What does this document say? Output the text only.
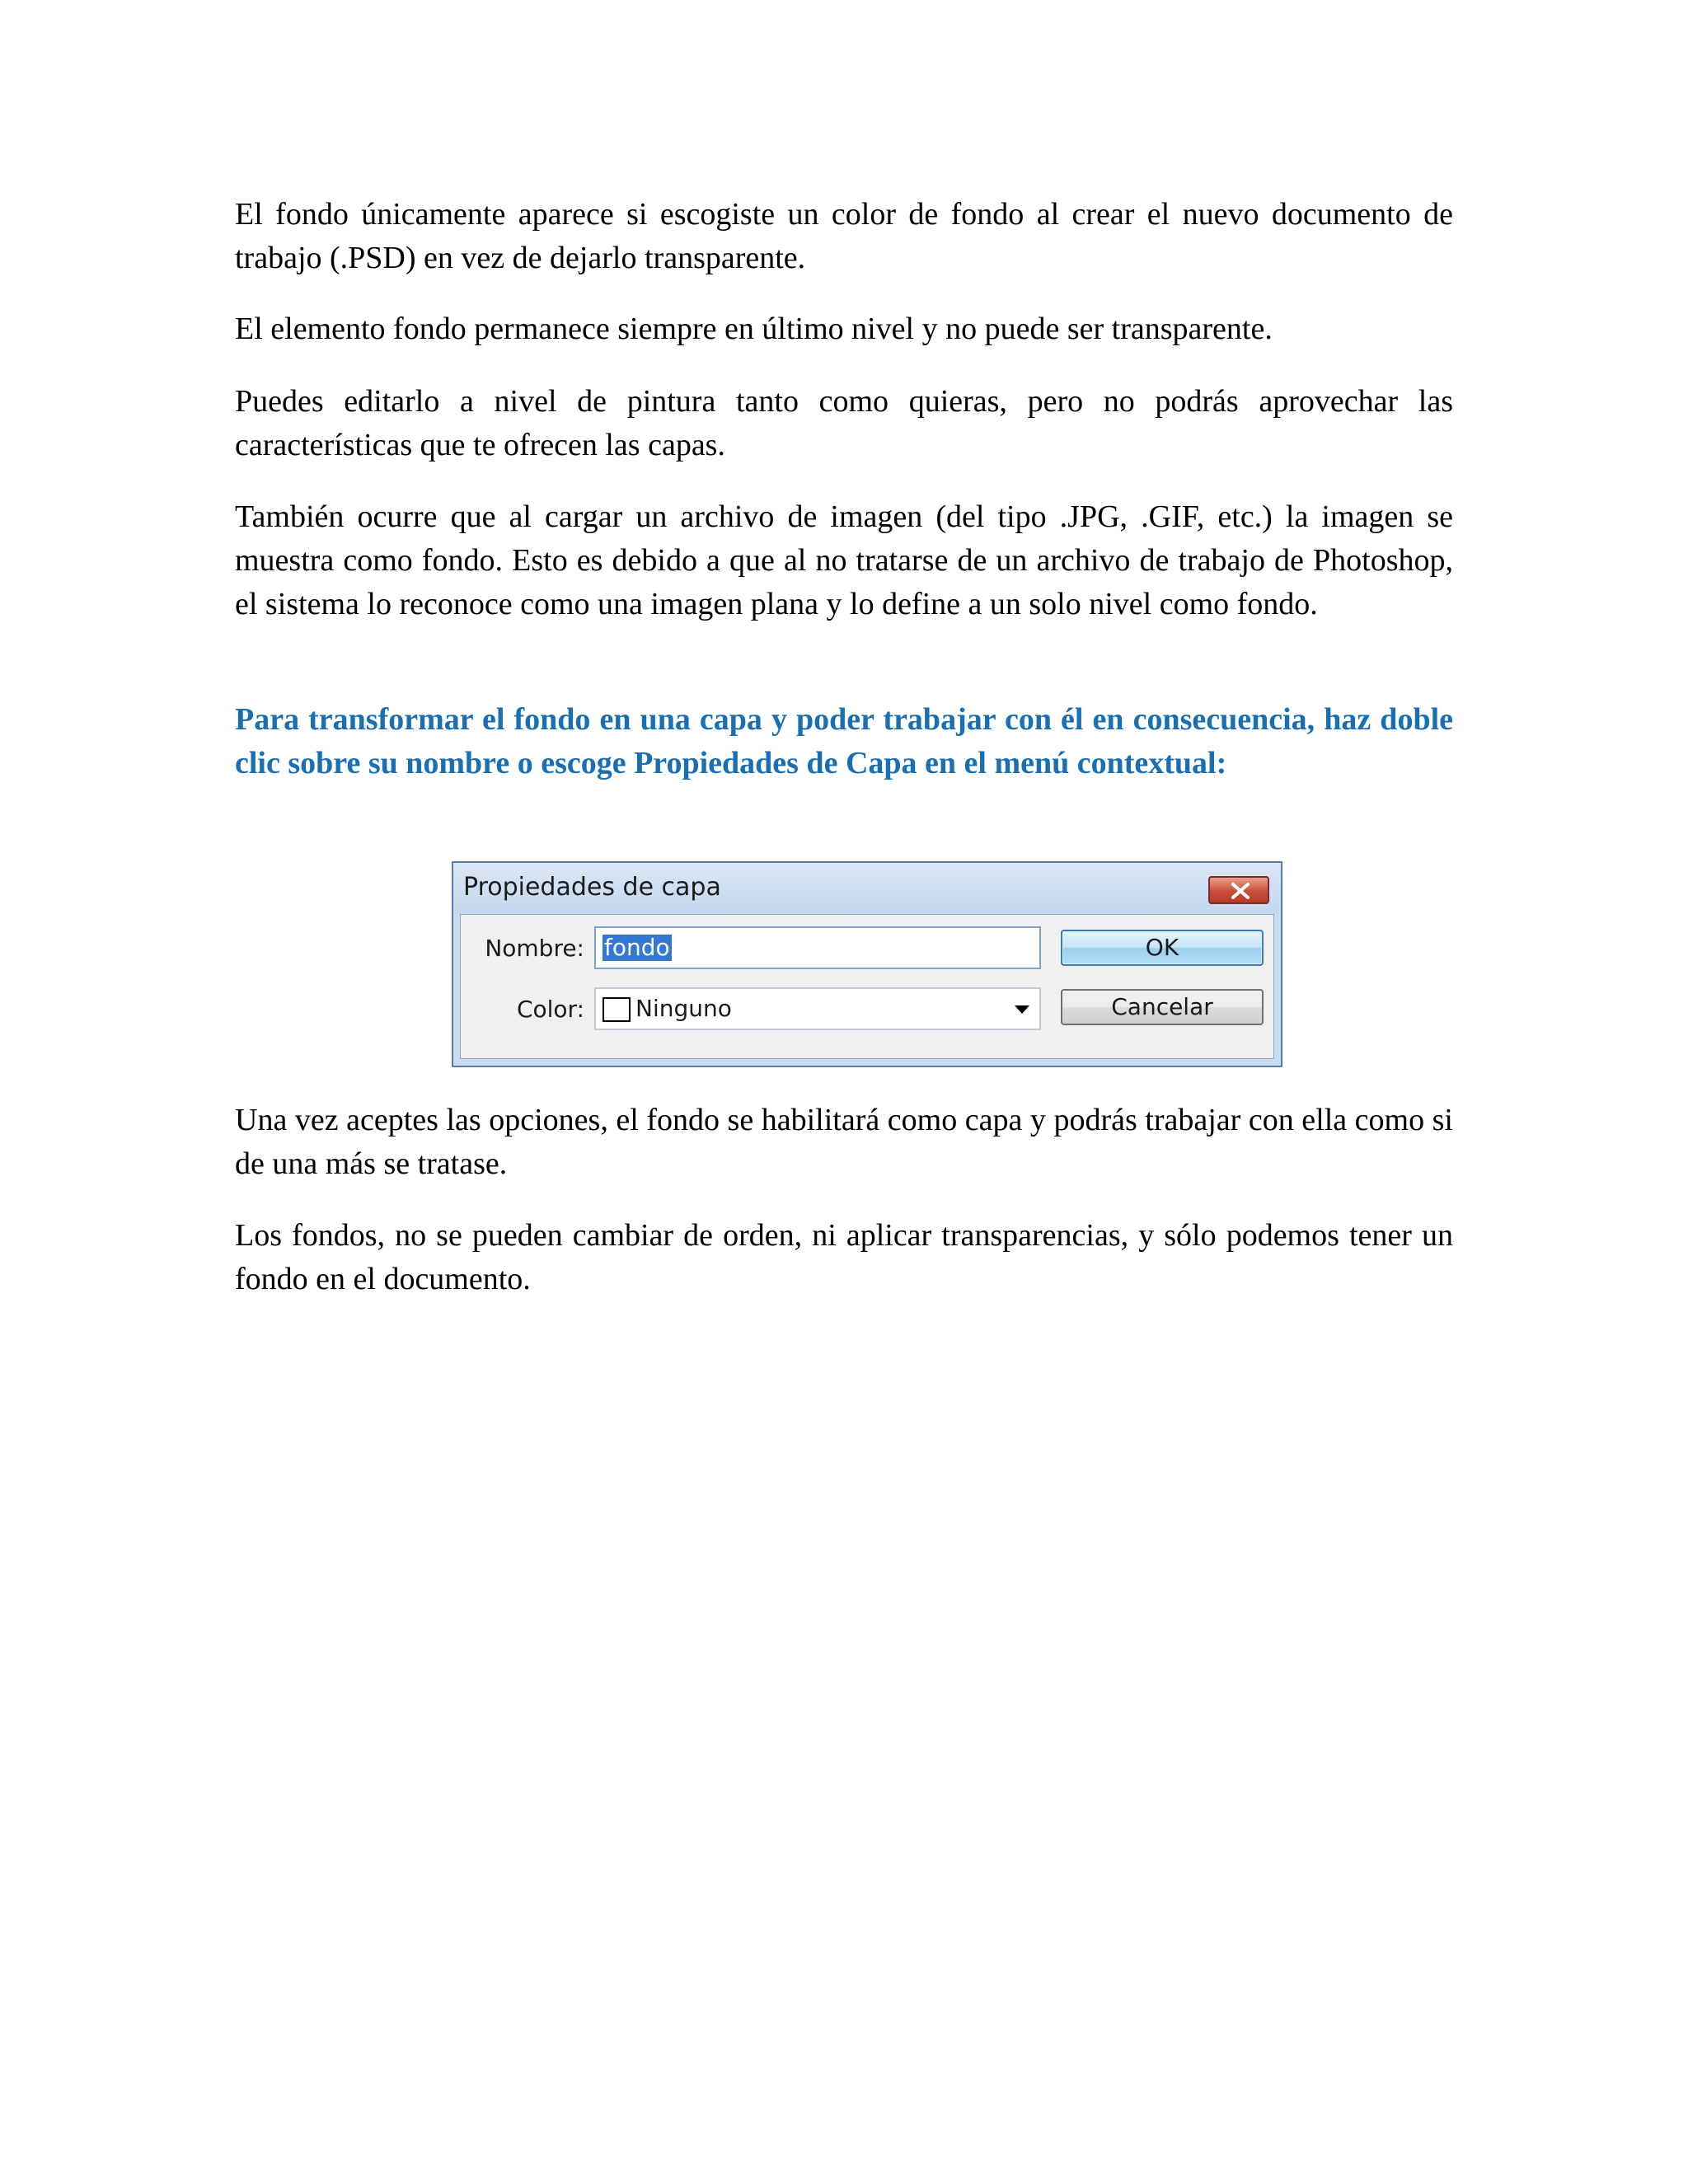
El fondo únicamente aparece si escogiste un color de fondo al crear el nuevo documento de trabajo (.PSD) en vez de dejarlo transparente.

El elemento fondo permanece siempre en último nivel y no puede ser transparente.

Puedes editarlo a nivel de pintura tanto como quieras, pero no podrás aprovechar las características que te ofrecen las capas.

También ocurre que al cargar un archivo de imagen (del tipo .JPG, .GIF, etc.) la imagen se muestra como fondo. Esto es debido a que al no tratarse de un archivo de trabajo de Photoshop, el sistema lo reconoce como una imagen plana y lo define a un solo nivel como fondo.

Para transformar el fondo en una capa y poder trabajar con él en consecuencia, haz doble clic sobre su nombre o escoge Propiedades de Capa en el menú contextual:

Propiedades de capa
Nombre: fondo
Color: Ninguno
OK
Cancelar

Una vez aceptes las opciones, el fondo se habilitará como capa y podrás trabajar con ella como si de una más se tratase.

Los fondos, no se pueden cambiar de orden, ni aplicar transparencias, y sólo podemos tener un fondo en el documento.
